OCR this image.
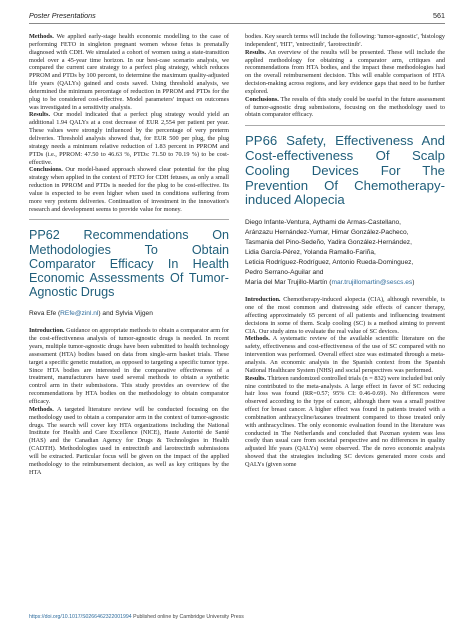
Poster Presentations	561

Methods. We applied early-stage health economic modelling to the case of performing FETO in singleton pregnant women whose fetus is prenatally diagnosed with CDH. We simulated a cohort of women using a state-transition model over a 45-year time horizon. In our best-case scenario analysis, we compared the current care strategy to a perfect plug strategy, which reduces PPROM and PTDs by 100 percent, to determine the maximum quality-adjusted life years (QALYs) gained and costs saved. Using threshold analysis, we determined the minimum percentage of reduction in PPROM and PTDs for the plug to be considered cost-effective. Model parameters' impact on outcomes was investigated in a sensitivity analysis.

Results. Our model indicated that a perfect plug strategy would yield an additional 1.94 QALYs at a cost decrease of EUR 2,554 per patient per year. These values were strongly influenced by the percentage of very preterm deliveries. Threshold analysis showed that, for EUR 500 per plug, the plug strategy needs a minimum relative reduction of 1.83 percent in PPROM and PTDs (i.e., PPROM: 47.50 to 46.63 %, PTDs: 71.50 to 70.19 %) to be cost-effective.

Conclusions. Our model-based approach showed clear potential for the plug strategy when applied in the context of FETO for CDH fetuses, as only a small reduction in PPROM and PTDs is needed for the plug to be cost-effective. Its value is expected to be even higher when used in conditions suffering from more very preterm deliveries. Continuation of investment in the innovation's research and development seems to provide value for money.

PP62 Recommendations On Methodologies To Obtain Comparator Efficacy In Health Economic Assessments Of Tumor-Agnostic Drugs

Reva Efe (REfe@zinl.nl) and Sylvia Vijgen

Introduction. Guidance on appropriate methods to obtain a comparator arm for the cost-effectiveness analysis of tumor-agnostic drugs is needed. In recent years, multiple tumor-agnostic drugs have been submitted to health technology assessment (HTA) bodies based on data from single-arm basket trials. These target a specific genetic mutation, as opposed to targeting a specific tumor type. Since HTA bodies are interested in the comparative effectiveness of a treatment, manufacturers have used several methods to obtain a synthetic control arm in their submissions. This study provides an overview of the recommendations by HTA bodies on the methodology to obtain comparator efficacy.

Methods. A targeted literature review will be conducted focusing on the methodology used to obtain a comparator arm in the context of tumor-agnostic drugs. The search will cover key HTA organizations including the National Institute for Health and Care Excellence (NICE), Haute Autorité de Santé (HAS) and the Canadian Agency for Drugs & Technologies in Health (CADTH). Methodologies used in entrectinib and larotrectinib submissions will be extracted. Particular focus will be given on the impact of the applied methodology to the reimbursement decision, as well as key critiques by the HTA

bodies. Key search terms will include the following: 'tumor-agnostic', 'histology independent', 'HIT', 'entrectinib', 'larotrectinib'.

Results. An overview of the results will be presented. These will include the applied methodology for obtaining a comparator arm, critiques and recommendations from HTA bodies, and the impact these methodologies had on the overall reimbursement decision. This will enable comparison of HTA decision-making across regions, and key evidence gaps that need to be further explored.

Conclusions. The results of this study could be useful in the future assessment of tumor-agnostic drug submissions, focusing on the methodology used to obtain comparator efficacy.

PP66 Safety, Effectiveness And Cost-effectiveness Of Scalp Cooling Devices For The Prevention Of Chemotherapy-induced Alopecia
Diego Infante-Ventura, Aythami de Armas-Castellano,
Aránzazu Hernández-Yumar, Himar González-Pacheco,
Tasmania del Pino-Sedeño, Yadira González-Hernández,
Lidia García-Pérez, Yolanda Ramallo-Fariña,
Leticia Rodríguez-Rodríguez, Antonio Rueda-Dominguez,
Pedro Serrano-Aguilar and
María del Mar Trujillo-Martín (mar.trujillomartin@sescs.es)

Introduction. Chemotherapy-induced alopecia (CIA), although reversible, is one of the most common and distressing side effects of cancer therapy, affecting approximately 65 percent of all patients and influencing treatment decisions in some of them. Scalp cooling (SC) is a method aiming to prevent CIA. Our study aims to evaluate the real value of SC devices.

Methods. A systematic review of the available scientific literature on the safety, effectiveness and cost-effectiveness of the use of SC compared with no intervention was performed. Overall effect size was estimated through a meta-analysis. An economic analysis in the Spanish context from the Spanish National Healthcare System (NHS) and social perspectives was performed.

Results. Thirteen randomized controlled trials (n = 832) were included but only nine contributed to the meta-analysis. A large effect in favor of SC reducing hair loss was found (RR=0.57; 95% CI: 0.46-0.69). No differences were observed according to the type of cancer, although there was a small positive effect for breast cancer. A higher effect was found in patients treated with a combination anthracycline/taxanes treatment compared to those treated only with anthracyclines. The only economic evaluation found in the literature was conducted in The Netherlands and concluded that Paxman system was less costly than usual care from societal perspective and no differences in quality adjusted life years (QALYs) were observed. The de novo economic analysis showed that the strategies including SC devices generated more costs and QALYs (given some

https://doi.org/10.1017/S0266462322001994 Published online by Cambridge University Press
